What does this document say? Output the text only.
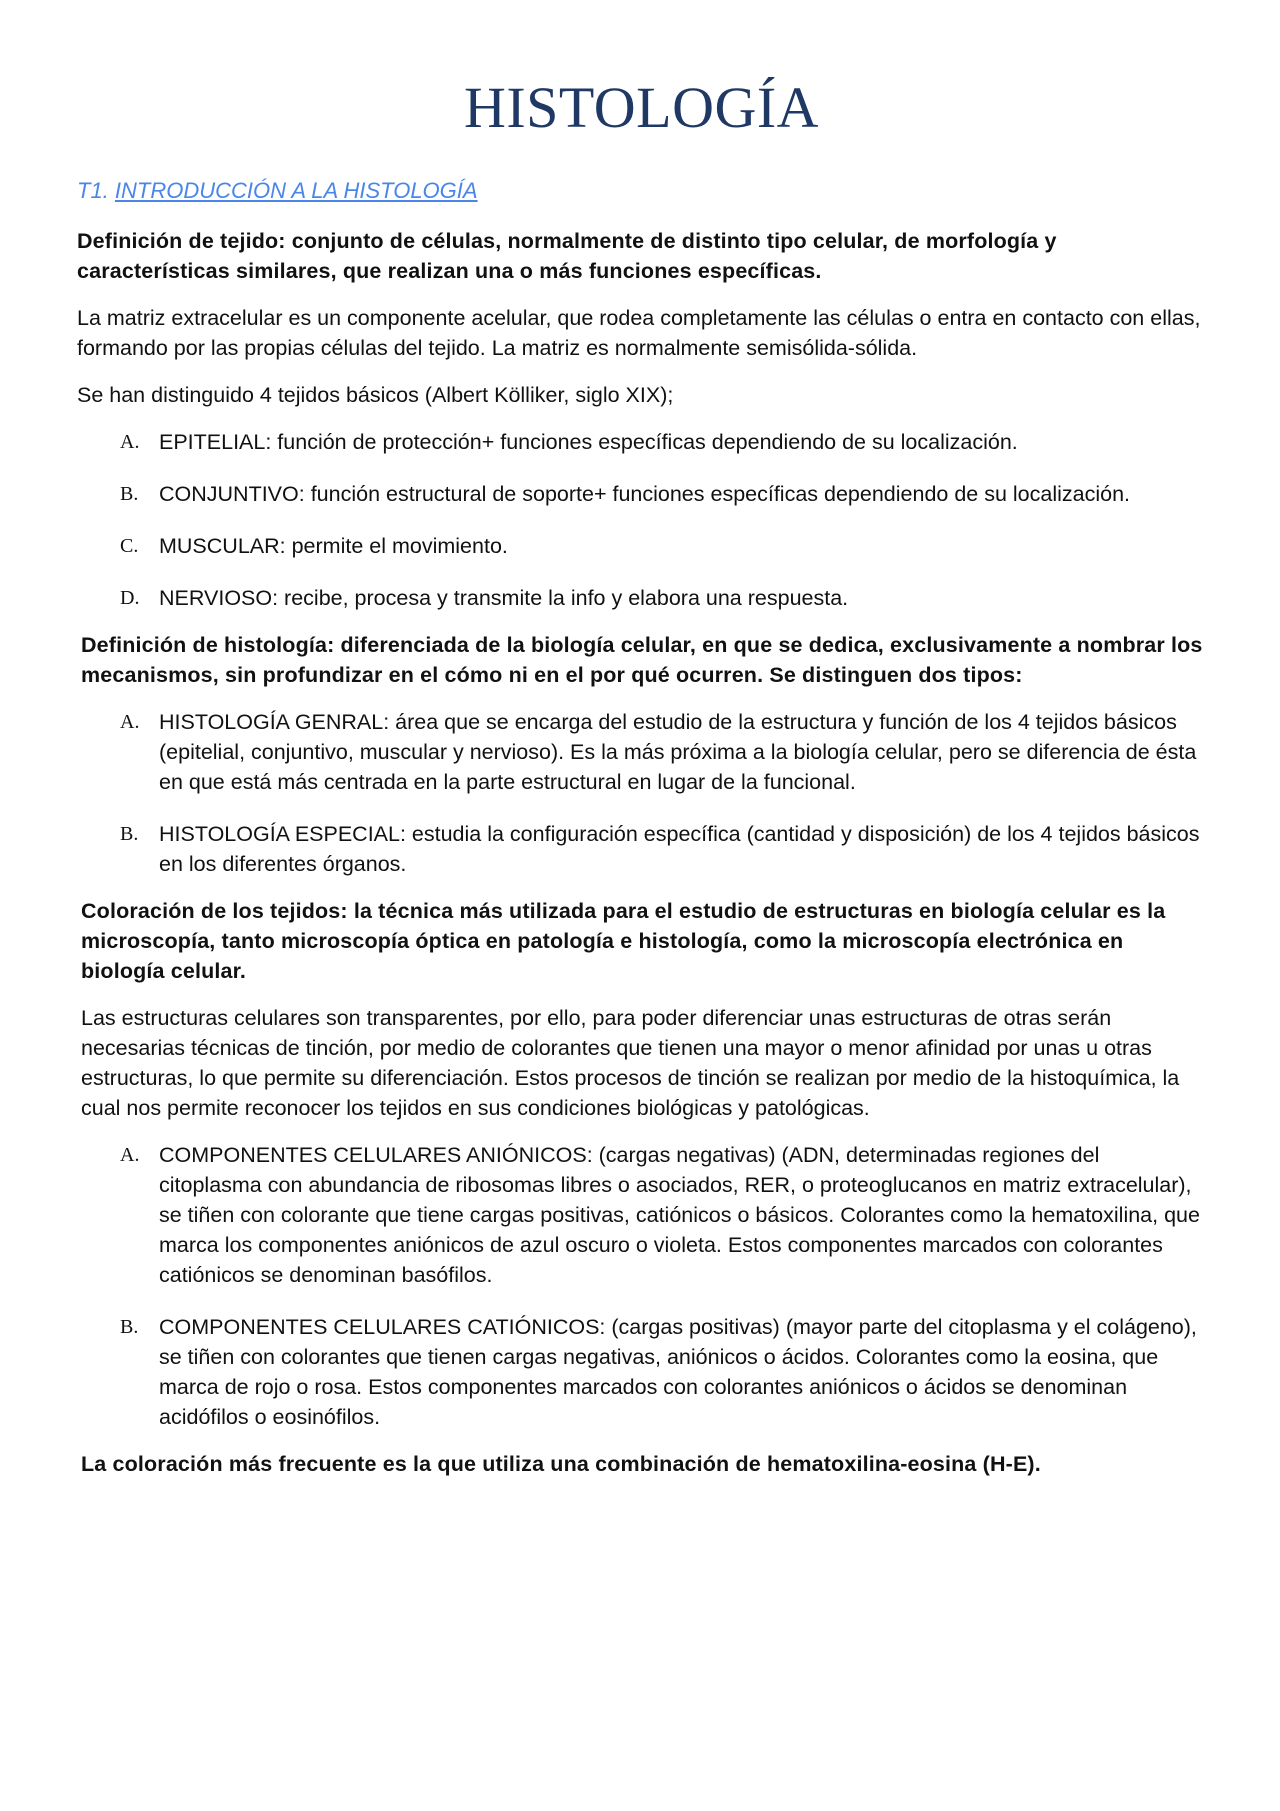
HISTOLOGÍA
T1. INTRODUCCIÓN A LA HISTOLOGÍA

Definición de tejido: conjunto de células, normalmente de distinto tipo celular, de morfología y características similares, que realizan una o más funciones específicas.

La matriz extracelular es un componente acelular, que rodea completamente las células o entra en contacto con ellas, formando por las propias células del tejido. La matriz es normalmente semisólida-sólida.

Se han distinguido 4 tejidos básicos (Albert Kölliker, siglo XIX);

A. EPITELIAL: función de protección+ funciones específicas dependiendo de su localización.
B. CONJUNTIVO: función estructural de soporte+ funciones específicas dependiendo de su localización.
C. MUSCULAR: permite el movimiento.
D. NERVIOSO: recibe, procesa y transmite la info y elabora una respuesta.

Definición de histología: diferenciada de la biología celular, en que se dedica, exclusivamente a nombrar los mecanismos, sin profundizar en el cómo ni en el por qué ocurren. Se distinguen dos tipos:

A. HISTOLOGÍA GENRAL: área que se encarga del estudio de la estructura y función de los 4 tejidos básicos (epitelial, conjuntivo, muscular y nervioso). Es la más próxima a la biología celular, pero se diferencia de ésta en que está más centrada en la parte estructural en lugar de la funcional.
B. HISTOLOGÍA ESPECIAL: estudia la configuración específica (cantidad y disposición) de los 4 tejidos básicos en los diferentes órganos.

Coloración de los tejidos: la técnica más utilizada para el estudio de estructuras en biología celular es la microscopía, tanto microscopía óptica en patología e histología, como la microscopía electrónica en biología celular.

Las estructuras celulares son transparentes, por ello, para poder diferenciar unas estructuras de otras serán necesarias técnicas de tinción, por medio de colorantes que tienen una mayor o menor afinidad por unas u otras estructuras, lo que permite su diferenciación. Estos procesos de tinción se realizan por medio de la histoquímica, la cual nos permite reconocer los tejidos en sus condiciones biológicas y patológicas.

A. COMPONENTES CELULARES ANIÓNICOS: (cargas negativas) (ADN, determinadas regiones del citoplasma con abundancia de ribosomas libres o asociados, RER, o proteoglucanos en matriz extracelular), se tiñen con colorante que tiene cargas positivas, catiónicos o básicos. Colorantes como la hematoxilina, que marca los componentes aniónicos de azul oscuro o violeta. Estos componentes marcados con colorantes catiónicos se denominan basófilos.
B. COMPONENTES CELULARES CATIÓNICOS: (cargas positivas) (mayor parte del citoplasma y el colágeno), se tiñen con colorantes que tienen cargas negativas, aniónicos o ácidos. Colorantes como la eosina, que marca de rojo o rosa. Estos componentes marcados con colorantes aniónicos o ácidos se denominan acidófilos o eosinófilos.

La coloración más frecuente es la que utiliza una combinación de hematoxilina-eosina (H-E).
